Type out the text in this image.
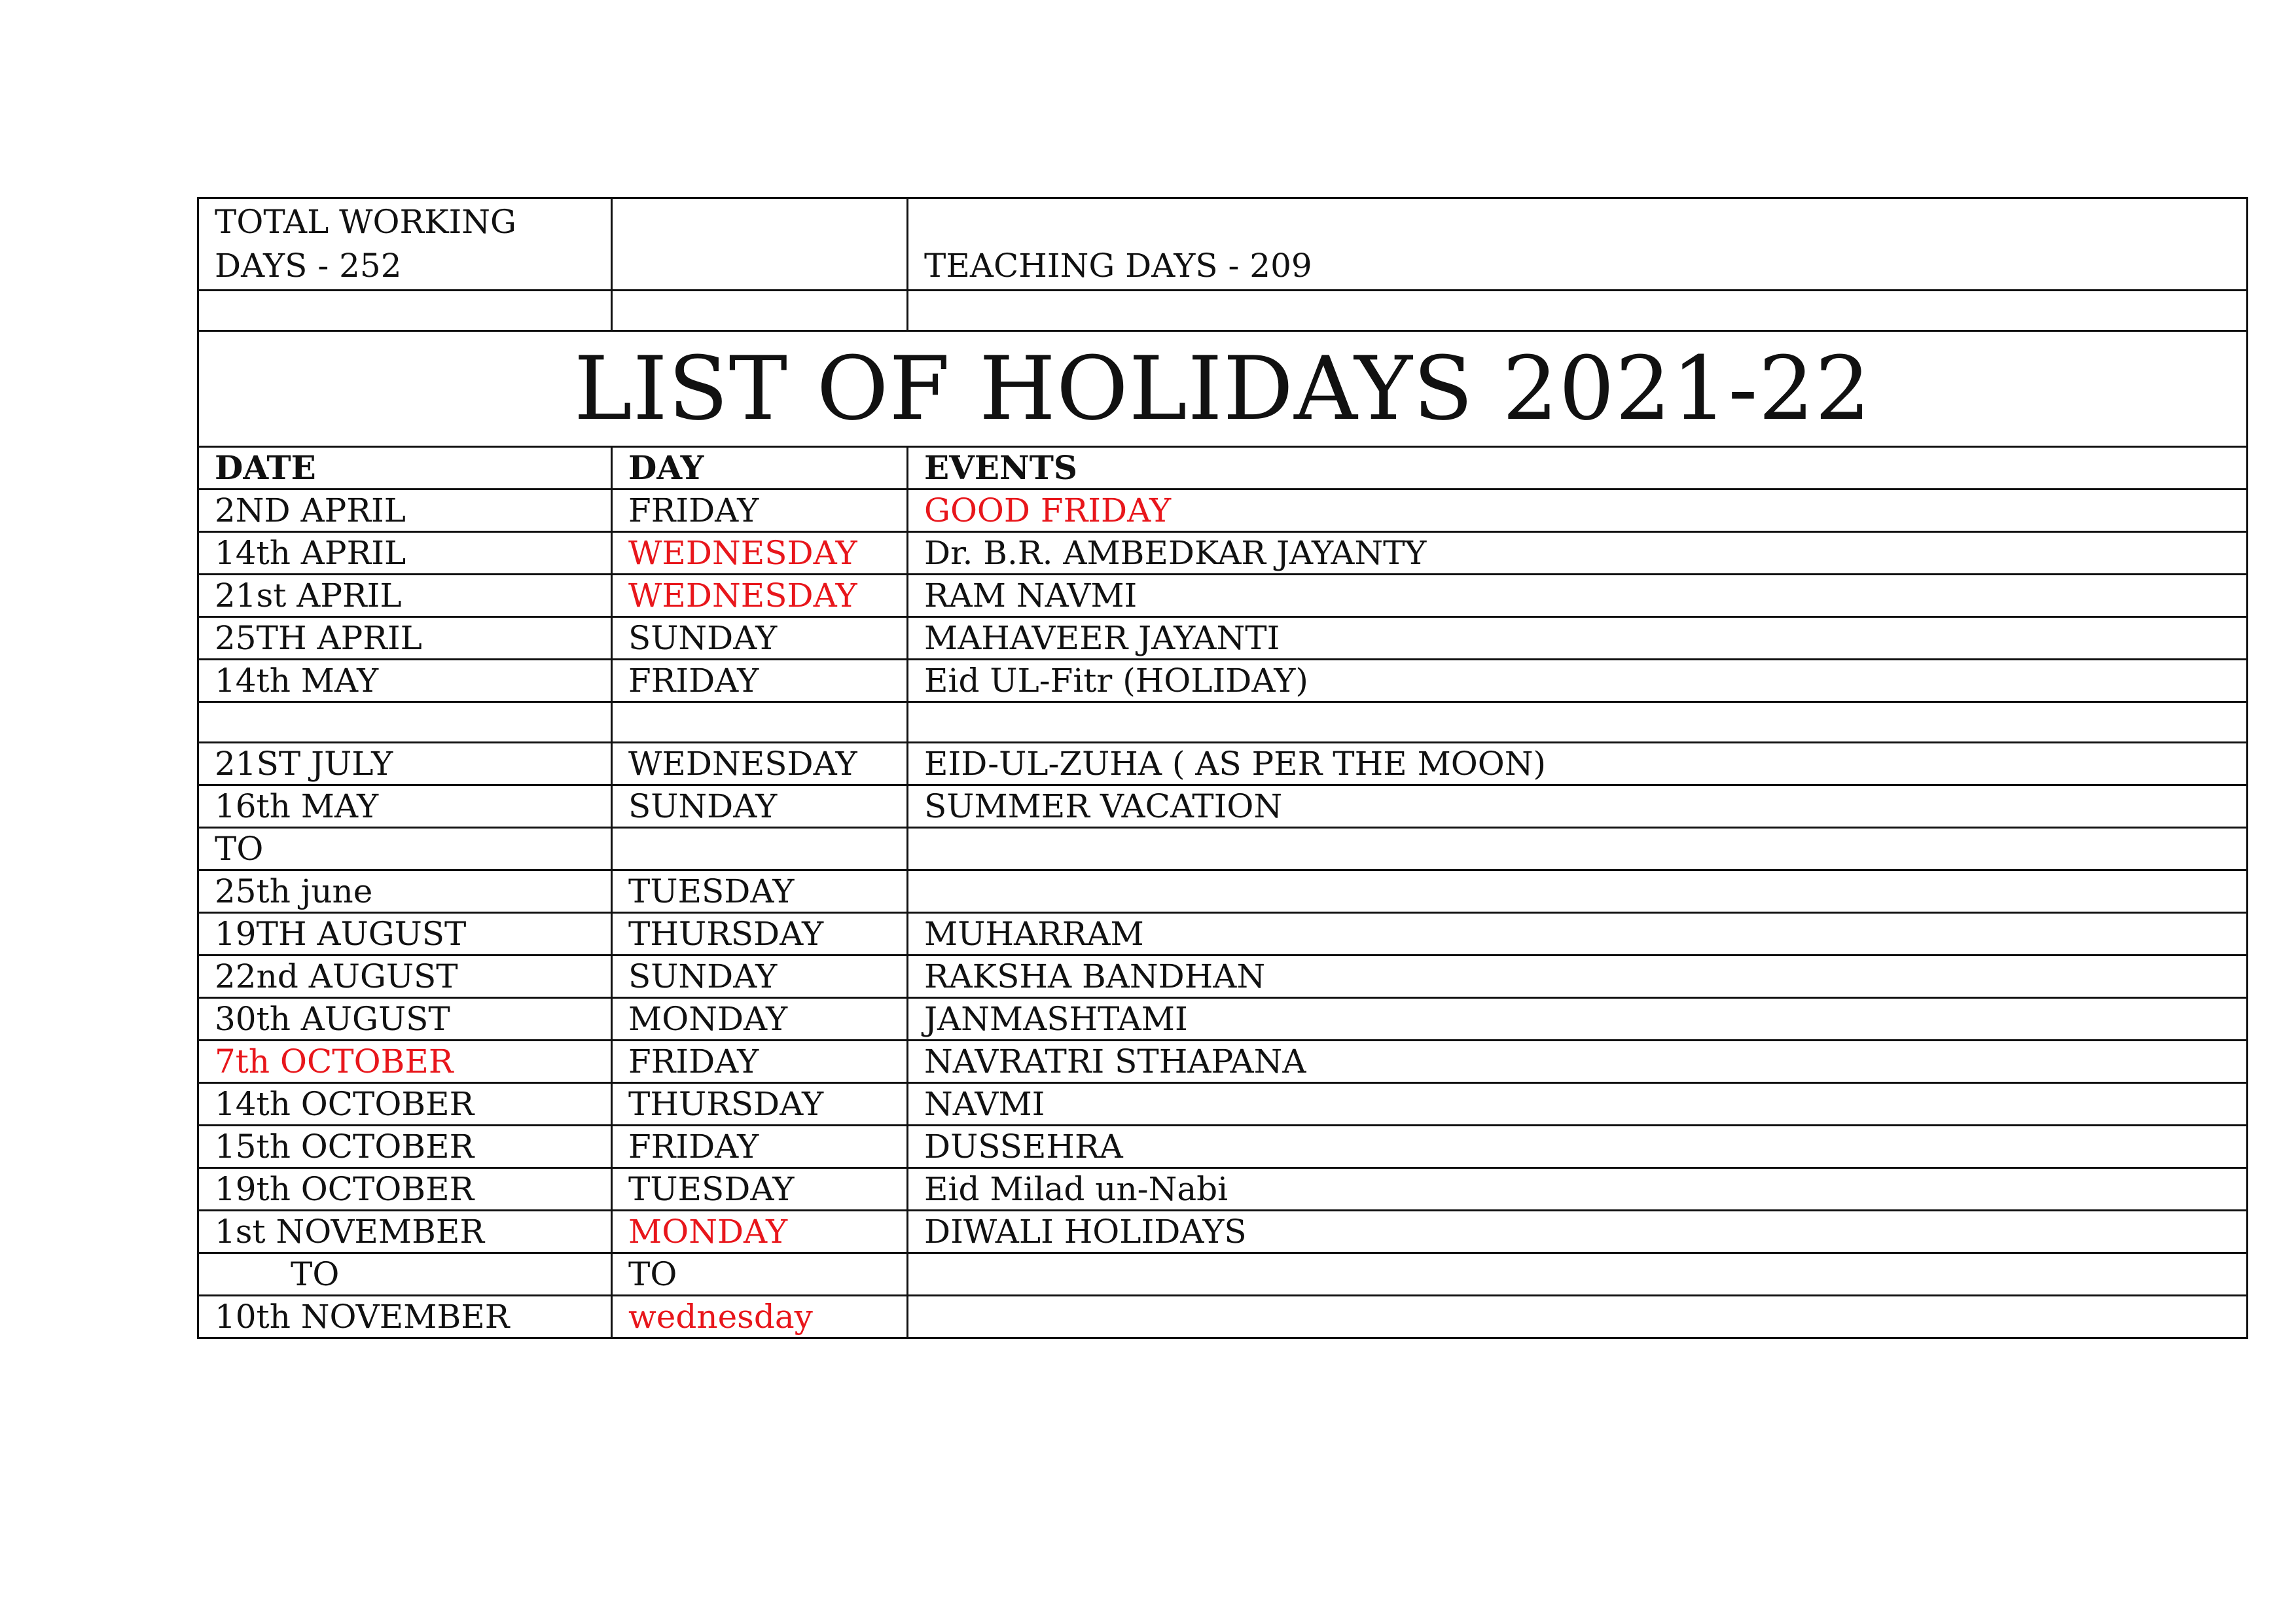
TOTAL WORKING DAYS - 252		TEACHING DAYS - 209

LIST OF HOLIDAYS 2021-22		
DATE	DAY	EVENTS
2ND APRIL	FRIDAY	GOOD FRIDAY
14th APRIL	WEDNESDAY	Dr. B.R. AMBEDKAR JAYANTY
21st APRIL	WEDNESDAY	RAM NAVMI
25TH APRIL	SUNDAY	MAHAVEER JAYANTI
14th MAY	FRIDAY	Eid UL-Fitr (HOLIDAY)

21ST JULY	WEDNESDAY	EID-UL-ZUHA ( AS PER THE MOON)
16th MAY	SUNDAY	SUMMER VACATION
TO		
25th june	TUESDAY	
19TH AUGUST	THURSDAY	MUHARRAM
22nd AUGUST	SUNDAY	RAKSHA BANDHAN
30th AUGUST	MONDAY	JANMASHTAMI
7th OCTOBER	FRIDAY	NAVRATRI STHAPANA
14th OCTOBER	THURSDAY	NAVMI
15th OCTOBER	FRIDAY	DUSSEHRA
19th OCTOBER	TUESDAY	Eid Milad un-Nabi
1st NOVEMBER	MONDAY	DIWALI HOLIDAYS
TO	TO	
10th NOVEMBER	wednesday	
